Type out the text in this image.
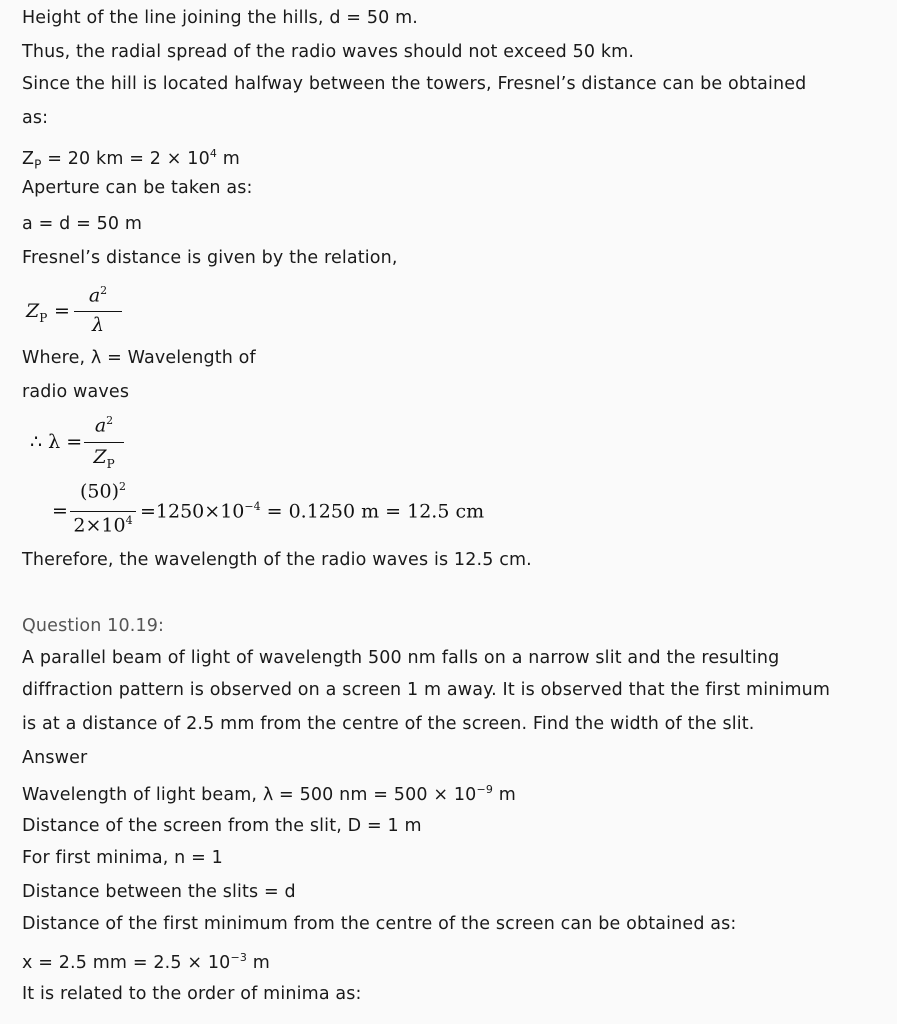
Height of the line joining the hills, d = 50 m.
Thus, the radial spread of the radio waves should not exceed 50 km.
Since the hill is located halfway between the towers, Fresnel’s distance can be obtained
as:
$Z_P = 20$ km = $2 \times 10^4$ m
Aperture can be taken as:
a = d = 50 m
Fresnel’s distance is given by the relation,
$Z_P$ =
$a^2$
λ
Where, λ = Wavelength of
radio waves
∴ λ =
$a^2$
$Z_P$
=
$(50)^2$
$2\times 10^4 =1250\times 10^{-4} = 0.1250$ m = 12.5 cm
Therefore, the wavelength of the radio waves is 12.5 cm.
Question 10.19:
A parallel beam of light of wavelength 500 nm falls on a narrow slit and the resulting
diffraction pattern is observed on a screen 1 m away. It is observed that the first minimum
is at a distance of 2.5 mm from the centre of the screen. Find the width of the slit.
Answer
Wavelength of light beam, λ = 500 nm = $500 \times 10^{-9}$ m
Distance of the screen from the slit, D = 1 m
For first minima, n = 1
Distance between the slits = d
Distance of the first minimum from the centre of the screen can be obtained as:
x = 2.5 mm = $2.5 \times 10^{-3}$ m
It is related to the order of minima as:
